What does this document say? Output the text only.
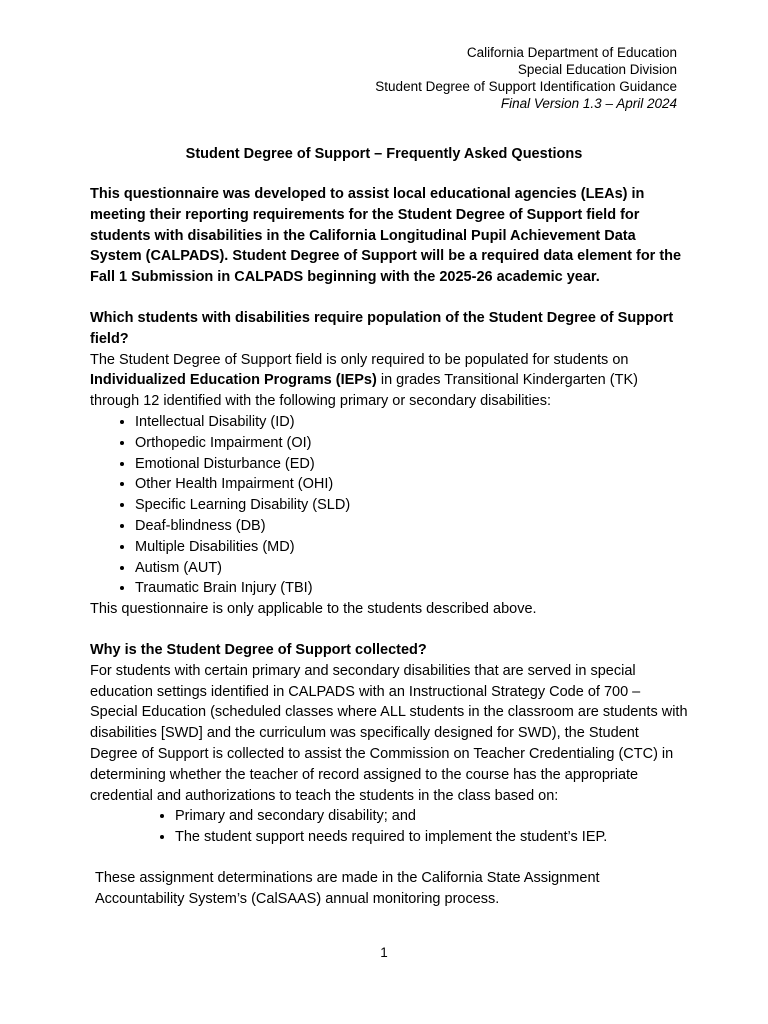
California Department of Education
Special Education Division
Student Degree of Support Identification Guidance
Final Version 1.3 – April 2024
Student Degree of Support – Frequently Asked Questions

This questionnaire was developed to assist local educational agencies (LEAs) in meeting their reporting requirements for the Student Degree of Support field for students with disabilities in the California Longitudinal Pupil Achievement Data System (CALPADS). Student Degree of Support will be a required data element for the Fall 1 Submission in CALPADS beginning with the 2025-26 academic year.

Which students with disabilities require population of the Student Degree of Support field?

The Student Degree of Support field is only required to be populated for students on Individualized Education Programs (IEPs) in grades Transitional Kindergarten (TK) through 12 identified with the following primary or secondary disabilities:

• Intellectual Disability (ID)
• Orthopedic Impairment (OI)
• Emotional Disturbance (ED)
• Other Health Impairment (OHI)
• Specific Learning Disability (SLD)
• Deaf-blindness (DB)
• Multiple Disabilities (MD)
• Autism (AUT)
• Traumatic Brain Injury (TBI)

This questionnaire is only applicable to the students described above.

Why is the Student Degree of Support collected?

For students with certain primary and secondary disabilities that are served in special education settings identified in CALPADS with an Instructional Strategy Code of 700 – Special Education (scheduled classes where ALL students in the classroom are students with disabilities [SWD] and the curriculum was specifically designed for SWD), the Student Degree of Support is collected to assist the Commission on Teacher Credentialing (CTC) in determining whether the teacher of record assigned to the course has the appropriate credential and authorizations to teach the students in the class based on:

• Primary and secondary disability; and
• The student support needs required to implement the student’s IEP.

These assignment determinations are made in the California State Assignment Accountability System’s (CalSAAS) annual monitoring process.

1
